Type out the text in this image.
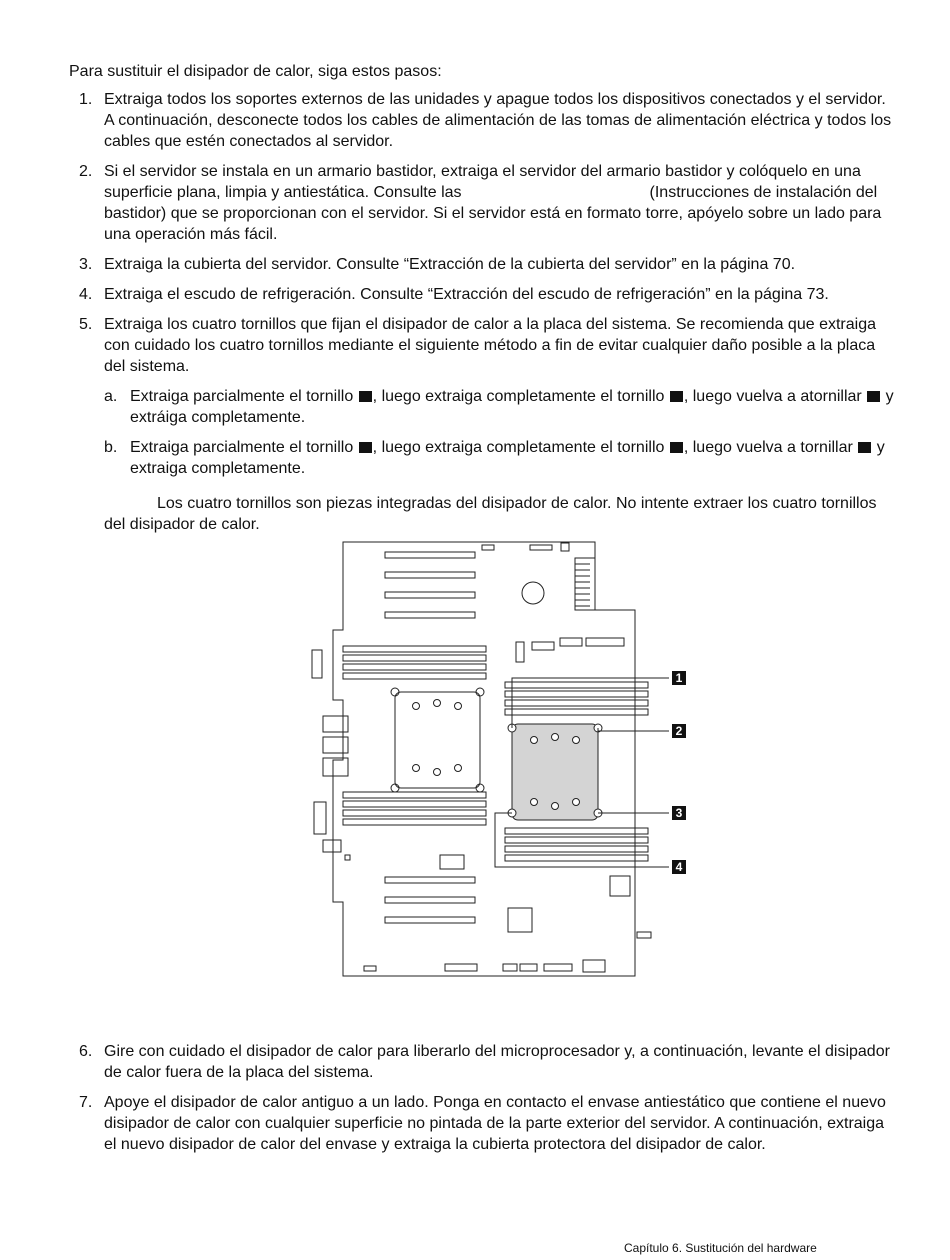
Para sustituir el disipador de calor, siga estos pasos:
1. Extraiga todos los soportes externos de las unidades y apague todos los dispositivos conectados y el servidor. A continuación, desconecte todos los cables de alimentación de las tomas de alimentación eléctrica y todos los cables que estén conectados al servidor.
2. Si el servidor se instala en un armario bastidor, extraiga el servidor del armario bastidor y colóquelo en una superficie plana, limpia y antiestática. Consulte las	(Instrucciones de instalación del bastidor) que se proporcionan con el servidor. Si el servidor está en formato torre, apóyelo sobre un lado para una operación más fácil.
3. Extraiga la cubierta del servidor. Consulte “Extracción de la cubierta del servidor” en la página 70.
4. Extraiga el escudo de refrigeración. Consulte “Extracción del escudo de refrigeración” en la página 73.
5. Extraiga los cuatro tornillos que fijan el disipador de calor a la placa del sistema. Se recomienda que extraiga con cuidado los cuatro tornillos mediante el siguiente método a fin de evitar cualquier daño posible a la placa del sistema.
a. Extraiga parcialmente el tornillo , luego extraiga completamente el tornillo , luego vuelva a atornillar y extráiga completamente.
b. Extraiga parcialmente el tornillo , luego extraiga completamente el tornillo , luego vuelva a tornillar y extraiga completamente.
Los cuatro tornillos son piezas integradas del disipador de calor. No intente extraer los cuatro tornillos del disipador de calor.
1
2
3
4
6. Gire con cuidado el disipador de calor para liberarlo del microprocesador y, a continuación, levante el disipador de calor fuera de la placa del sistema.
7. Apoye el disipador de calor antiguo a un lado. Ponga en contacto el envase antiestático que contiene el nuevo disipador de calor con cualquier superficie no pintada de la parte exterior del servidor. A continuación, extraiga el nuevo disipador de calor del envase y extraiga la cubierta protectora del disipador de calor.
Capítulo 6. Sustitución del hardware
